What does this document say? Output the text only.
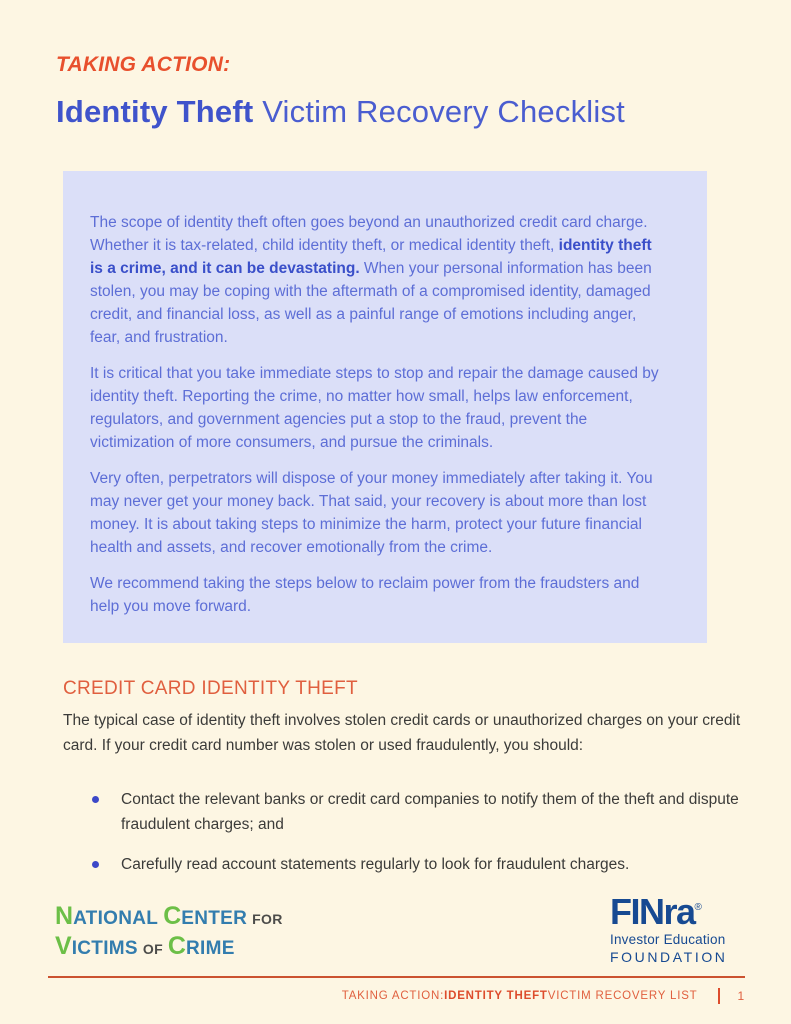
TAKING ACTION:
Identity Theft Victim Recovery Checklist

The scope of identity theft often goes beyond an unauthorized credit card charge. Whether it is tax-related, child identity theft, or medical identity theft, identity theft is a crime, and it can be devastating. When your personal information has been stolen, you may be coping with the aftermath of a compromised identity, damaged credit, and financial loss, as well as a painful range of emotions including anger, fear, and frustration.

It is critical that you take immediate steps to stop and repair the damage caused by identity theft. Reporting the crime, no matter how small, helps law enforcement, regulators, and government agencies put a stop to the fraud, prevent the victimization of more consumers, and pursue the criminals.

Very often, perpetrators will dispose of your money immediately after taking it. You may never get your money back. That said, your recovery is about more than lost money. It is about taking steps to minimize the harm, protect your future financial health and assets, and recover emotionally from the crime.

We recommend taking the steps below to reclaim power from the fraudsters and help you move forward.

CREDIT CARD IDENTITY THEFT

The typical case of identity theft involves stolen credit cards or unauthorized charges on your credit card. If your credit card number was stolen or used fraudulently, you should:

Contact the relevant banks or credit card companies to notify them of the theft and dispute fraudulent charges; and
Carefully read account statements regularly to look for fraudulent charges.
NATIONAL CENTER FOR
VICTIMS OF CRIME
FINra®
Investor Education
FOUNDATION
TAKING ACTION: IDENTITY THEFT VICTIM RECOVERY LIST	1
